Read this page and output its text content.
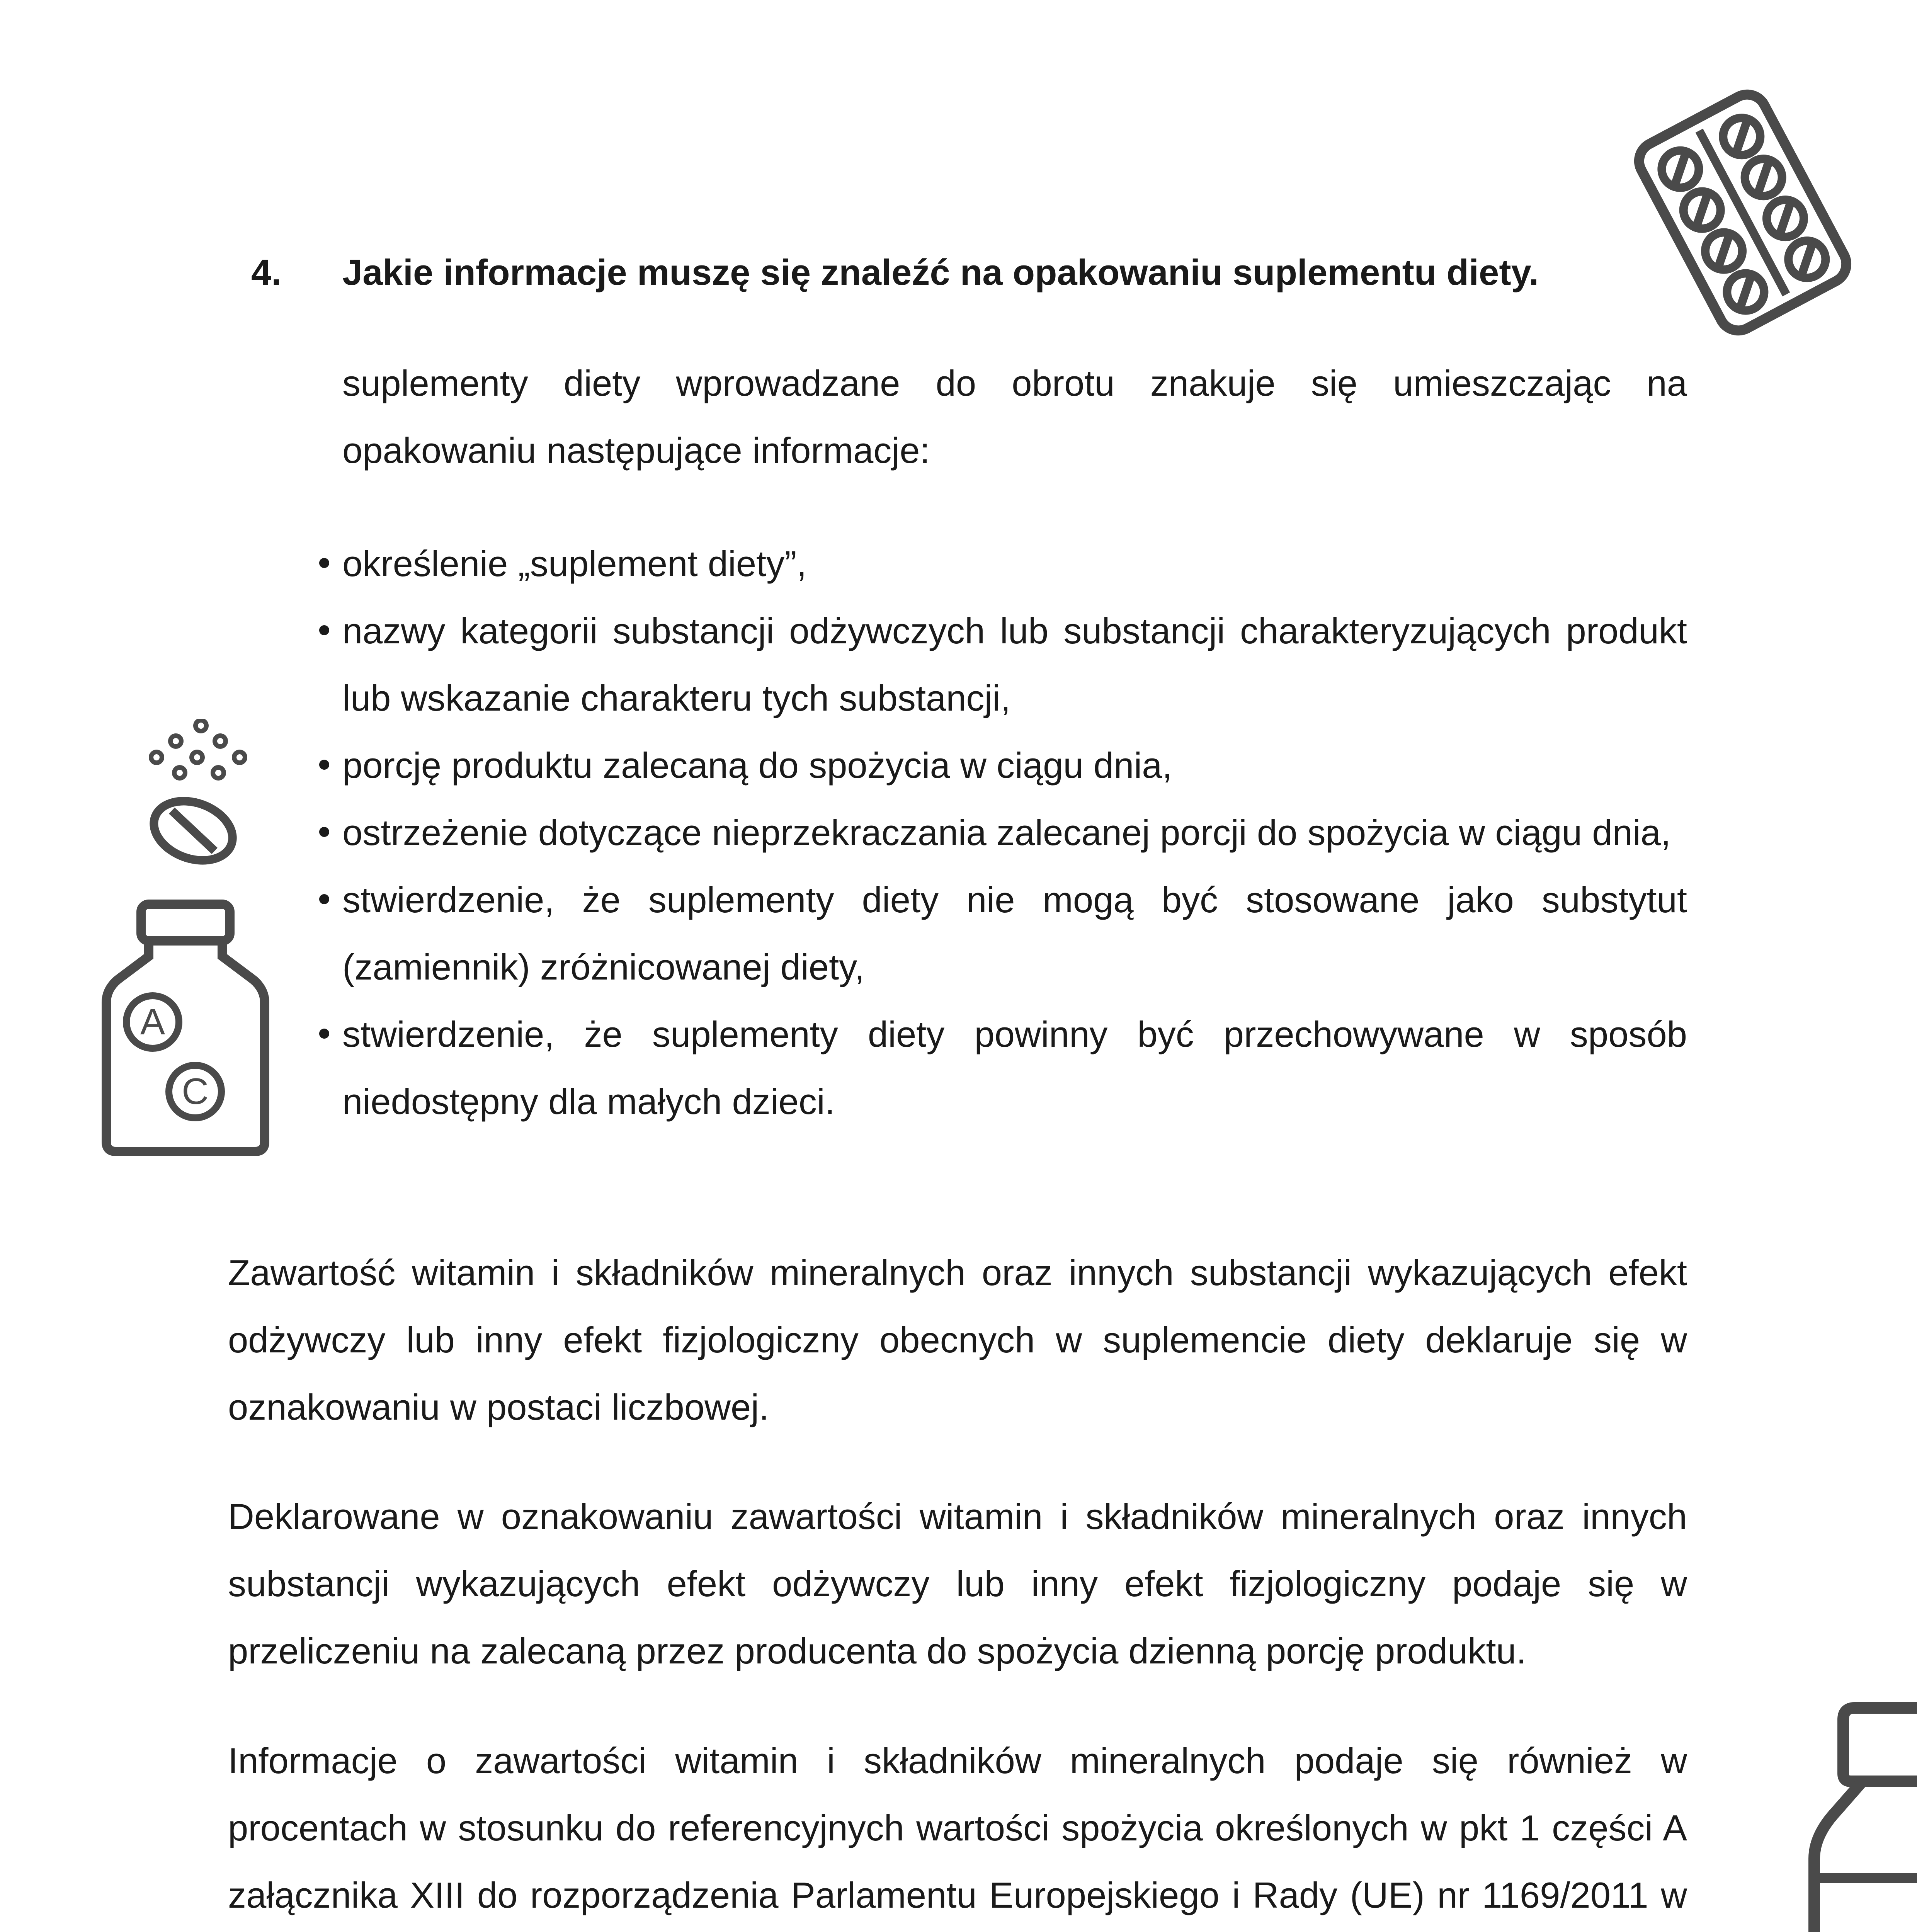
A
C
4. Jakie informacje muszę się znaleźć na opakowaniu suplementu diety.

suplementy diety wprowadzane do obrotu znakuje się umieszczając na opakowaniu następujące informacje:

określenie „suplement diety”,
nazwy kategorii substancji odżywczych lub substancji charakteryzujących produkt lub wskazanie charakteru tych substancji,
porcję produktu zalecaną do spożycia w ciągu dnia,
ostrzeżenie dotyczące nieprzekraczania zalecanej porcji do spożycia w ciągu dnia,
stwierdzenie, że suplementy diety nie mogą być stosowane jako substytut (zamiennik) zróżnicowanej diety,
stwierdzenie, że suplementy diety powinny być przechowywane w sposób niedostępny dla małych dzieci.

Zawartość witamin i składników mineralnych oraz innych substancji wykazujących efekt odżywczy lub inny efekt fizjologiczny obecnych w suplemencie diety deklaruje się w oznakowaniu w postaci liczbowej.

Deklarowane w oznakowaniu zawartości witamin i składników mineralnych oraz innych substancji wykazujących efekt odżywczy lub inny efekt fizjologiczny podaje się w przeliczeniu na zalecaną przez producenta do spożycia dzienną porcję produktu.

Informacje o zawartości witamin i składników mineralnych podaje się również w procentach w stosunku do referencyjnych wartości spożycia określonych w pkt 1 części A załącznika XIII do rozporządzenia Parlamentu Europejskiego i Rady (UE) nr 1169/2011 w
